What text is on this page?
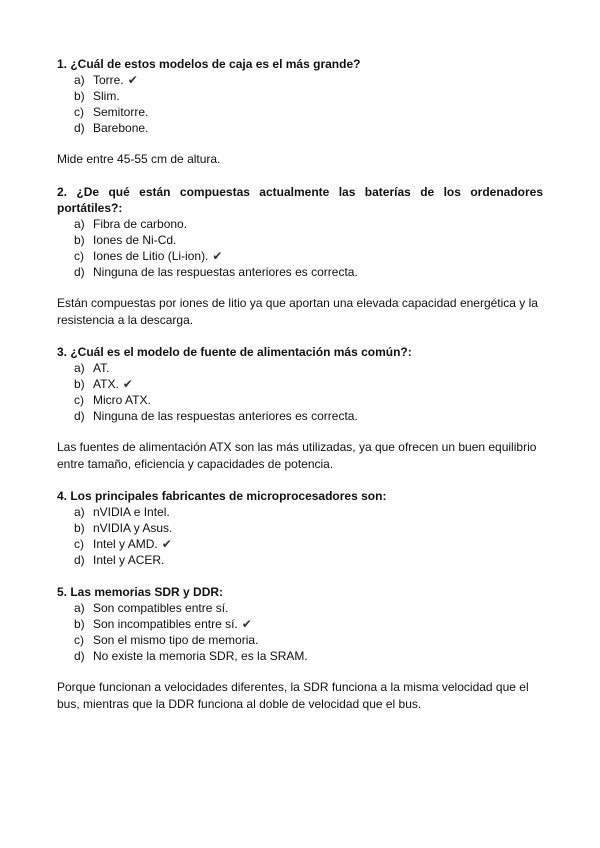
1. ¿Cuál de estos modelos de caja es el más grande?

a) Torre. ✔
b) Slim.
c) Semitorre.
d) Barebone.

Mide entre 45-55 cm de altura.

2. ¿De qué están compuestas actualmente las baterías de los ordenadores portátiles?:

a) Fibra de carbono.
b) Iones de Ni-Cd.
c) Iones de Litio (Li-ion). ✔
d) Ninguna de las respuestas anteriores es correcta.

Están compuestas por iones de litio ya que aportan una elevada capacidad energética y la resistencia a la descarga.

3. ¿Cuál es el modelo de fuente de alimentación más común?:

a) AT.
b) ATX. ✔
c) Micro ATX.
d) Ninguna de las respuestas anteriores es correcta.

Las fuentes de alimentación ATX son las más utilizadas, ya que ofrecen un buen equilibrio entre tamaño, eficiencia y capacidades de potencia.

4. Los principales fabricantes de microprocesadores son:

a) nVIDIA e Intel.
b) nVIDIA y Asus.
c) Intel y AMD. ✔
d) Intel y ACER.

5. Las memorias SDR y DDR:

a) Son compatibles entre sí.
b) Son incompatibles entre sí. ✔
c) Son el mismo tipo de memoria.
d) No existe la memoria SDR, es la SRAM.

Porque funcionan a velocidades diferentes, la SDR funciona a la misma velocidad que el bus, mientras que la DDR funciona al doble de velocidad que el bus.
